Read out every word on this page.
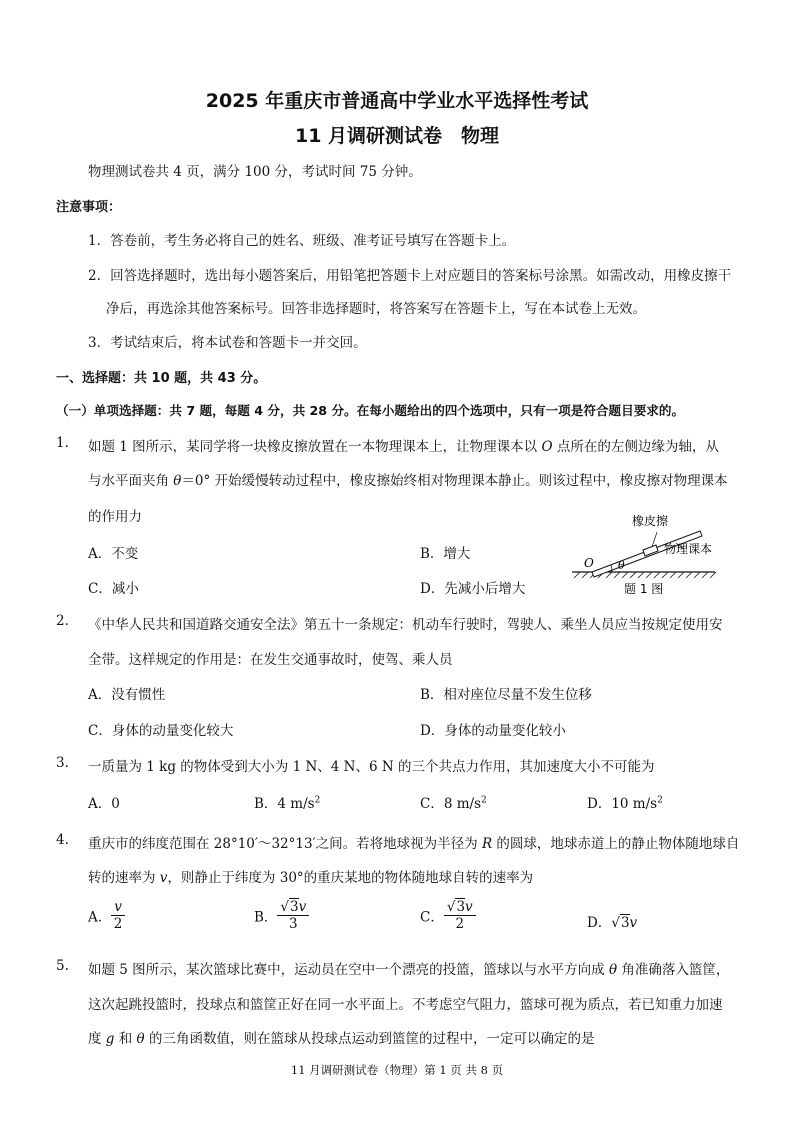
2025 年重庆市普通高中学业水平选择性考试
11 月调研测试卷　物理
物理测试卷共 4 页，满分 100 分，考试时间 75 分钟。
注意事项：
1．答卷前，考生务必将自己的姓名、班级、准考证号填写在答题卡上。
2．回答选择题时，选出每小题答案后，用铅笔把答题卡上对应题目的答案标号涂黑。如需改动，用橡皮擦干
净后，再选涂其他答案标号。回答非选择题时，将答案写在答题卡上，写在本试卷上无效。
3．考试结束后，将本试卷和答题卡一并交回。
一、选择题：共 10 题，共 43 分。
（一）单项选择题：共 7 题，每题 4 分，共 28 分。在每小题给出的四个选项中，只有一项是符合题目要求的。
1. 如题 1 图所示，某同学将一块橡皮擦放置在一本物理课本上，让物理课本以 O 点所在的左侧边缘为轴，从
与水平面夹角 θ＝0° 开始缓慢转动过程中，橡皮擦始终相对物理课本静止。则该过程中，橡皮擦对物理课本
的作用力
A．不变	B．增大
C．减小	D．先减小后增大
橡皮擦
物理课本
O θ
题 1 图
2. 《中华人民共和国道路交通安全法》第五十一条规定：机动车行驶时，驾驶人、乘坐人员应当按规定使用安
全带。这样规定的作用是：在发生交通事故时，使驾、乘人员
A．没有惯性	B．相对座位尽量不发生位移
C．身体的动量变化较大	D．身体的动量变化较小
3. 一质量为 1 kg 的物体受到大小为 1 N、4 N、6 N 的三个共点力作用，其加速度大小不可能为
A．0	B．4 $m/s^2$	C．8 $m/s^2$	D．10 $m/s^2$
4. 重庆市的纬度范围在 28°10′～32°13′之间。若将地球视为半径为 R 的圆球，地球赤道上的静止物体随地球自
转的速率为 v，则静止于纬度为 30°的重庆某地的物体随地球自转的速率为
A． $\frac{v}{2}$	B． $\frac{√3v}{3}$	C． $\frac{√3v}{2}$	D．√3v
5. 如题 5 图所示，某次篮球比赛中，运动员在空中一个漂亮的投篮，篮球以与水平方向成 θ 角准确落入篮筐，
这次起跳投篮时，投球点和篮筐正好在同一水平面上。不考虑空气阻力，篮球可视为质点，若已知重力加速
度 g 和 θ 的三角函数值，则在篮球从投球点运动到篮筐的过程中，一定可以确定的是
11 月调研测试卷（物理）第 1 页 共 8 页
